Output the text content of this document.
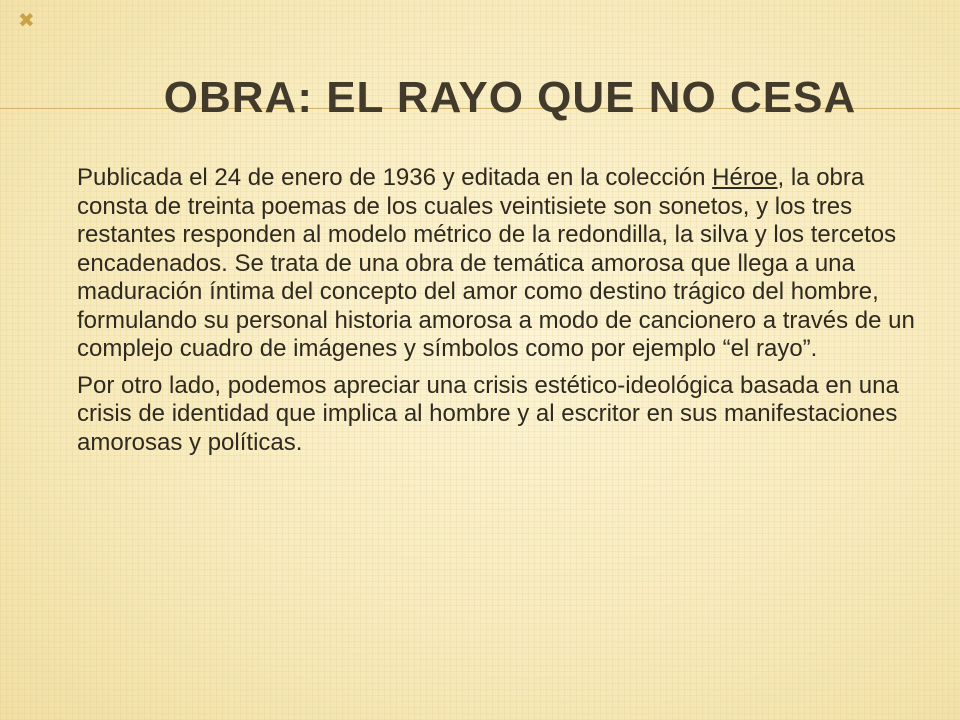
✖
OBRA: EL RAYO QUE NO CESA

Publicada el 24 de enero de 1936 y editada en la colección Héroe, la obra consta de treinta poemas de los cuales veintisiete son sonetos, y los tres restantes responden al modelo métrico de la redondilla, la silva y los tercetos encadenados. Se trata de una obra de temática amorosa que llega a una maduración íntima del concepto del amor como destino trágico del hombre, formulando su personal historia amorosa a modo de cancionero a través de un complejo cuadro de imágenes y símbolos como por ejemplo “el rayo”.

Por otro lado, podemos apreciar una crisis estético-ideológica basada en una crisis de identidad que implica al hombre y al escritor en sus manifestaciones amorosas y políticas.
